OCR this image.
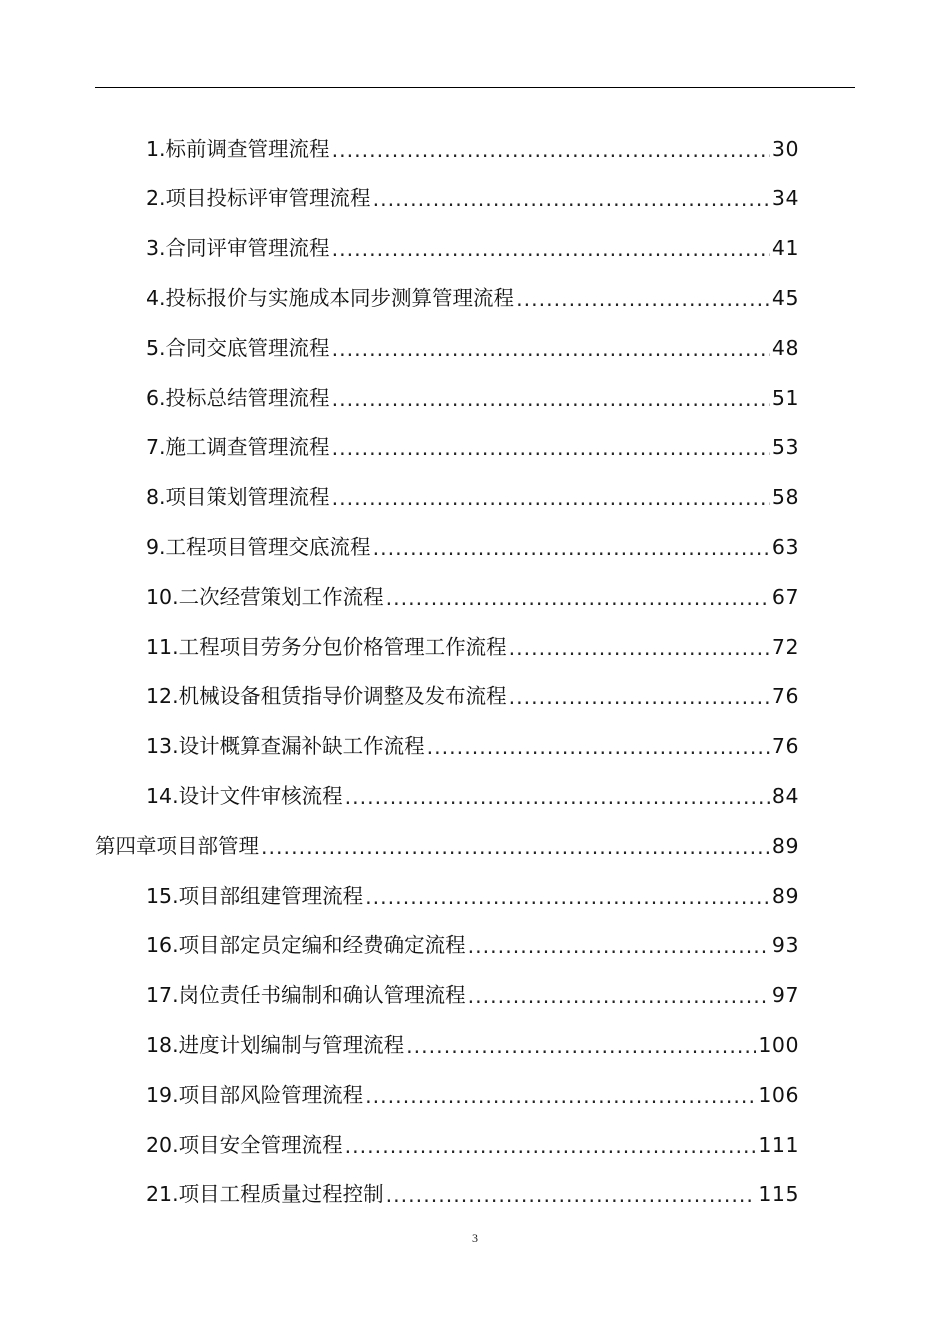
1.标前调查管理流程 .....	30
2.项目投标评审管理流程 .....	34
3.合同评审管理流程 .....	41
4.投标报价与实施成本同步测算管理流程 .....	45
5.合同交底管理流程 .....	48
6.投标总结管理流程 .....	51
7.施工调查管理流程 .....	53
8.项目策划管理流程 .....	58
9.工程项目管理交底流程 .....	63
10.二次经营策划工作流程 .....	67
11.工程项目劳务分包价格管理工作流程 .....	72
12.机械设备租赁指导价调整及发布流程 .....	76
13.设计概算查漏补缺工作流程 .....	76
14.设计文件审核流程 .....	84
第四章项目部管理 .....	89
15.项目部组建管理流程 .....	89
16.项目部定员定编和经费确定流程 .....	93
17.岗位责任书编制和确认管理流程 .....	97
18.进度计划编制与管理流程 .....	100
19.项目部风险管理流程 .....	106
20.项目安全管理流程 .....	111
21.项目工程质量过程控制 .....	115
3
